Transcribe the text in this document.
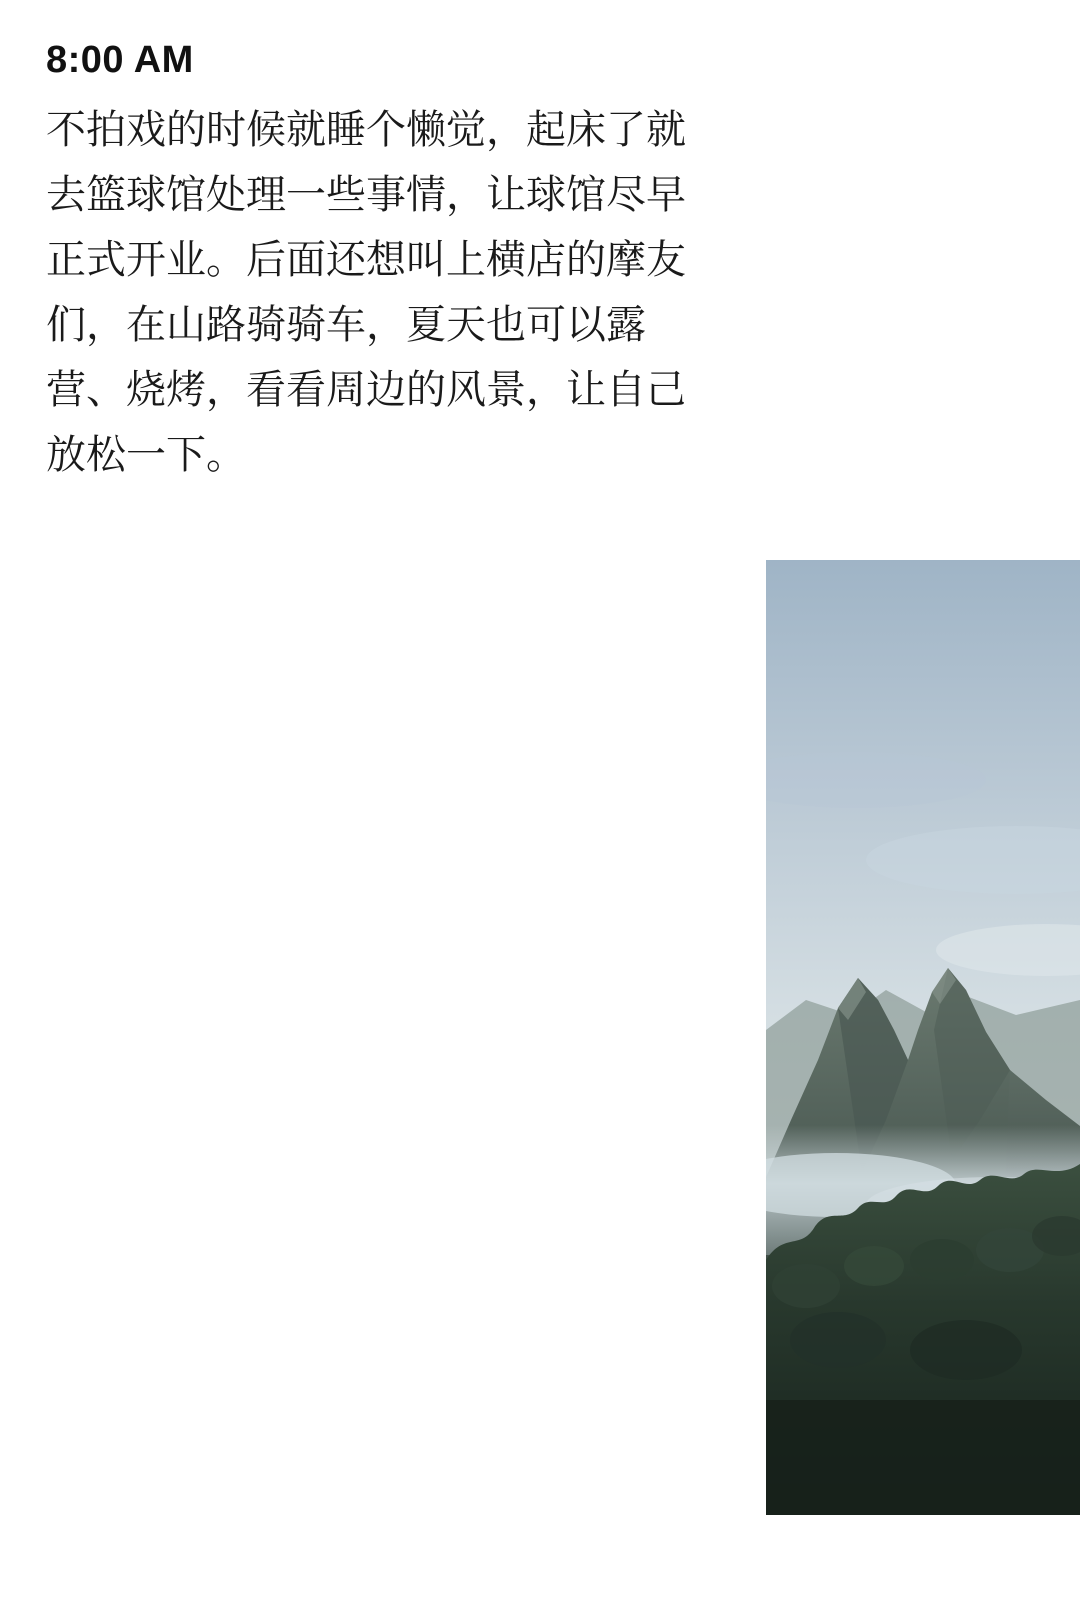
8:00 AM
不拍戏的时候就睡个懒觉，起床了就去篮球馆处理一些事情，让球馆尽早正式开业。后面还想叫上横店的摩友们，在山路骑骑车，夏天也可以露营、烧烤，看看周边的风景，让自己放松一下。
